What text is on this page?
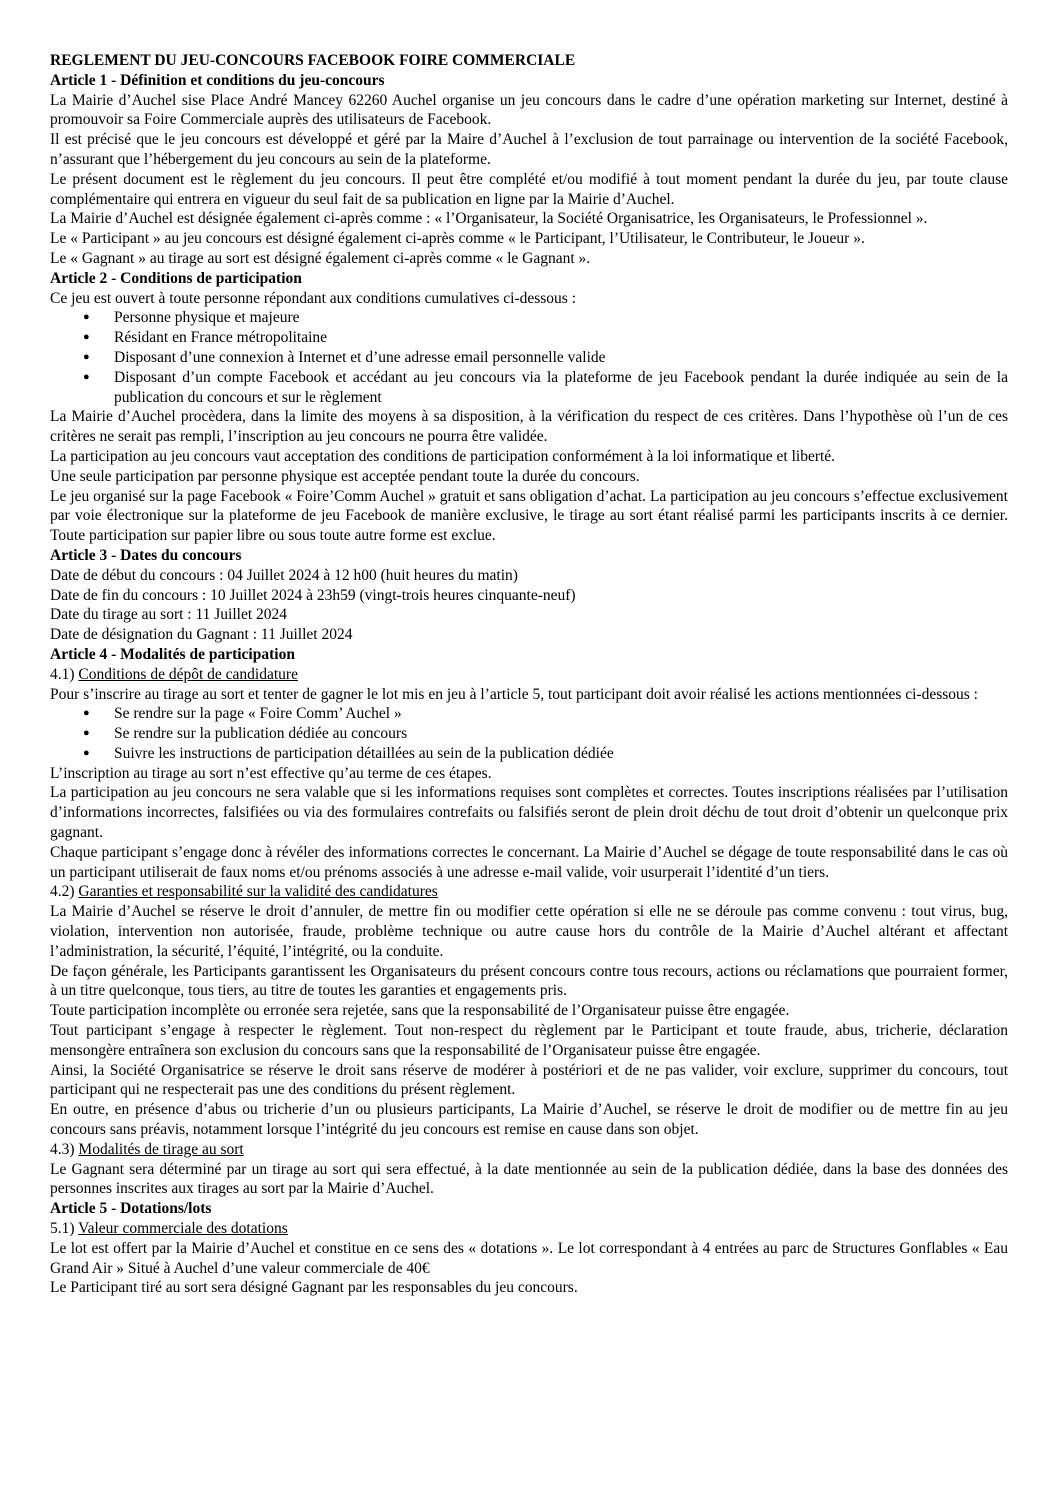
REGLEMENT DU JEU-CONCOURS FACEBOOK FOIRE COMMERCIALE
Article 1 - Définition et conditions du jeu-concours

La Mairie d’Auchel sise Place André Mancey 62260 Auchel organise un jeu concours dans le cadre d’une opération marketing sur Internet, destiné à promouvoir sa Foire Commerciale auprès des utilisateurs de Facebook.

Il est précisé que le jeu concours est développé et géré par la Maire d’Auchel à l’exclusion de tout parrainage ou intervention de la société Facebook, n’assurant que l’hébergement du jeu concours au sein de la plateforme.

Le présent document est le règlement du jeu concours. Il peut être complété et/ou modifié à tout moment pendant la durée du jeu, par toute clause complémentaire qui entrera en vigueur du seul fait de sa publication en ligne par la Mairie d’Auchel.

La Mairie d’Auchel est désignée également ci-après comme : « l’Organisateur, la Société Organisatrice, les Organisateurs, le Professionnel ».

Le « Participant » au jeu concours est désigné également ci-après comme « le Participant, l’Utilisateur, le Contributeur, le Joueur ».

Le « Gagnant » au tirage au sort est désigné également ci-après comme « le Gagnant ».

Article 2 - Conditions de participation

Ce jeu est ouvert à toute personne répondant aux conditions cumulatives ci-dessous :

● Personne physique et majeure
● Résidant en France métropolitaine
● Disposant d’une connexion à Internet et d’une adresse email personnelle valide
● Disposant d’un compte Facebook et accédant au jeu concours via la plateforme de jeu Facebook pendant la durée indiquée au sein de la publication du concours et sur le règlement

La Mairie d’Auchel procèdera, dans la limite des moyens à sa disposition, à la vérification du respect de ces critères. Dans l’hypothèse où l’un de ces critères ne serait pas rempli, l’inscription au jeu concours ne pourra être validée.

La participation au jeu concours vaut acceptation des conditions de participation conformément à la loi informatique et liberté.

Une seule participation par personne physique est acceptée pendant toute la durée du concours.

Le jeu organisé sur la page Facebook « Foire’Comm Auchel » gratuit et sans obligation d’achat. La participation au jeu concours s’effectue exclusivement par voie électronique sur la plateforme de jeu Facebook de manière exclusive, le tirage au sort étant réalisé parmi les participants inscrits à ce dernier. Toute participation sur papier libre ou sous toute autre forme est exclue.

Article 3 - Dates du concours

Date de début du concours : 04 Juillet 2024 à 12 h00 (huit heures du matin)

Date de fin du concours : 10 Juillet 2024 à 23h59 (vingt-trois heures cinquante-neuf)

Date du tirage au sort : 11 Juillet 2024

Date de désignation du Gagnant : 11 Juillet 2024

Article 4 - Modalités de participation
4.1) Conditions de dépôt de candidature

Pour s’inscrire au tirage au sort et tenter de gagner le lot mis en jeu à l’article 5, tout participant doit avoir réalisé les actions mentionnées ci-dessous :

● Se rendre sur la page « Foire Comm’ Auchel »
● Se rendre sur la publication dédiée au concours
● Suivre les instructions de participation détaillées au sein de la publication dédiée

L’inscription au tirage au sort n’est effective qu’au terme de ces étapes.

La participation au jeu concours ne sera valable que si les informations requises sont complètes et correctes. Toutes inscriptions réalisées par l’utilisation d’informations incorrectes, falsifiées ou via des formulaires contrefaits ou falsifiés seront de plein droit déchu de tout droit d’obtenir un quelconque prix gagnant.

Chaque participant s’engage donc à révéler des informations correctes le concernant. La Mairie d’Auchel se dégage de toute responsabilité dans le cas où un participant utiliserait de faux noms et/ou prénoms associés à une adresse e-mail valide, voir usurperait l’identité d’un tiers.

4.2) Garanties et responsabilité sur la validité des candidatures

La Mairie d’Auchel se réserve le droit d’annuler, de mettre fin ou modifier cette opération si elle ne se déroule pas comme convenu : tout virus, bug, violation, intervention non autorisée, fraude, problème technique ou autre cause hors du contrôle de la Mairie d’Auchel altérant et affectant l’administration, la sécurité, l’équité, l’intégrité, ou la conduite.

De façon générale, les Participants garantissent les Organisateurs du présent concours contre tous recours, actions ou réclamations que pourraient former, à un titre quelconque, tous tiers, au titre de toutes les garanties et engagements pris.

Toute participation incomplète ou erronée sera rejetée, sans que la responsabilité de l’Organisateur puisse être engagée.

Tout participant s’engage à respecter le règlement. Tout non-respect du règlement par le Participant et toute fraude, abus, tricherie, déclaration mensongère entraînera son exclusion du concours sans que la responsabilité de l’Organisateur puisse être engagée.

Ainsi, la Société Organisatrice se réserve le droit sans réserve de modérer à postériori et de ne pas valider, voir exclure, supprimer du concours, tout participant qui ne respecterait pas une des conditions du présent règlement.

En outre, en présence d’abus ou tricherie d’un ou plusieurs participants, La Mairie d’Auchel, se réserve le droit de modifier ou de mettre fin au jeu concours sans préavis, notamment lorsque l’intégrité du jeu concours est remise en cause dans son objet.

4.3) Modalités de tirage au sort

Le Gagnant sera déterminé par un tirage au sort qui sera effectué, à la date mentionnée au sein de la publication dédiée, dans la base des données des personnes inscrites aux tirages au sort par la Mairie d’Auchel.

Article 5 - Dotations/lots
5.1) Valeur commerciale des dotations

Le lot est offert par la Mairie d’Auchel et constitue en ce sens des « dotations ». Le lot correspondant à 4 entrées au parc de Structures Gonflables « Eau Grand Air » Situé à Auchel d’une valeur commerciale de 40€

Le Participant tiré au sort sera désigné Gagnant par les responsables du jeu concours.
